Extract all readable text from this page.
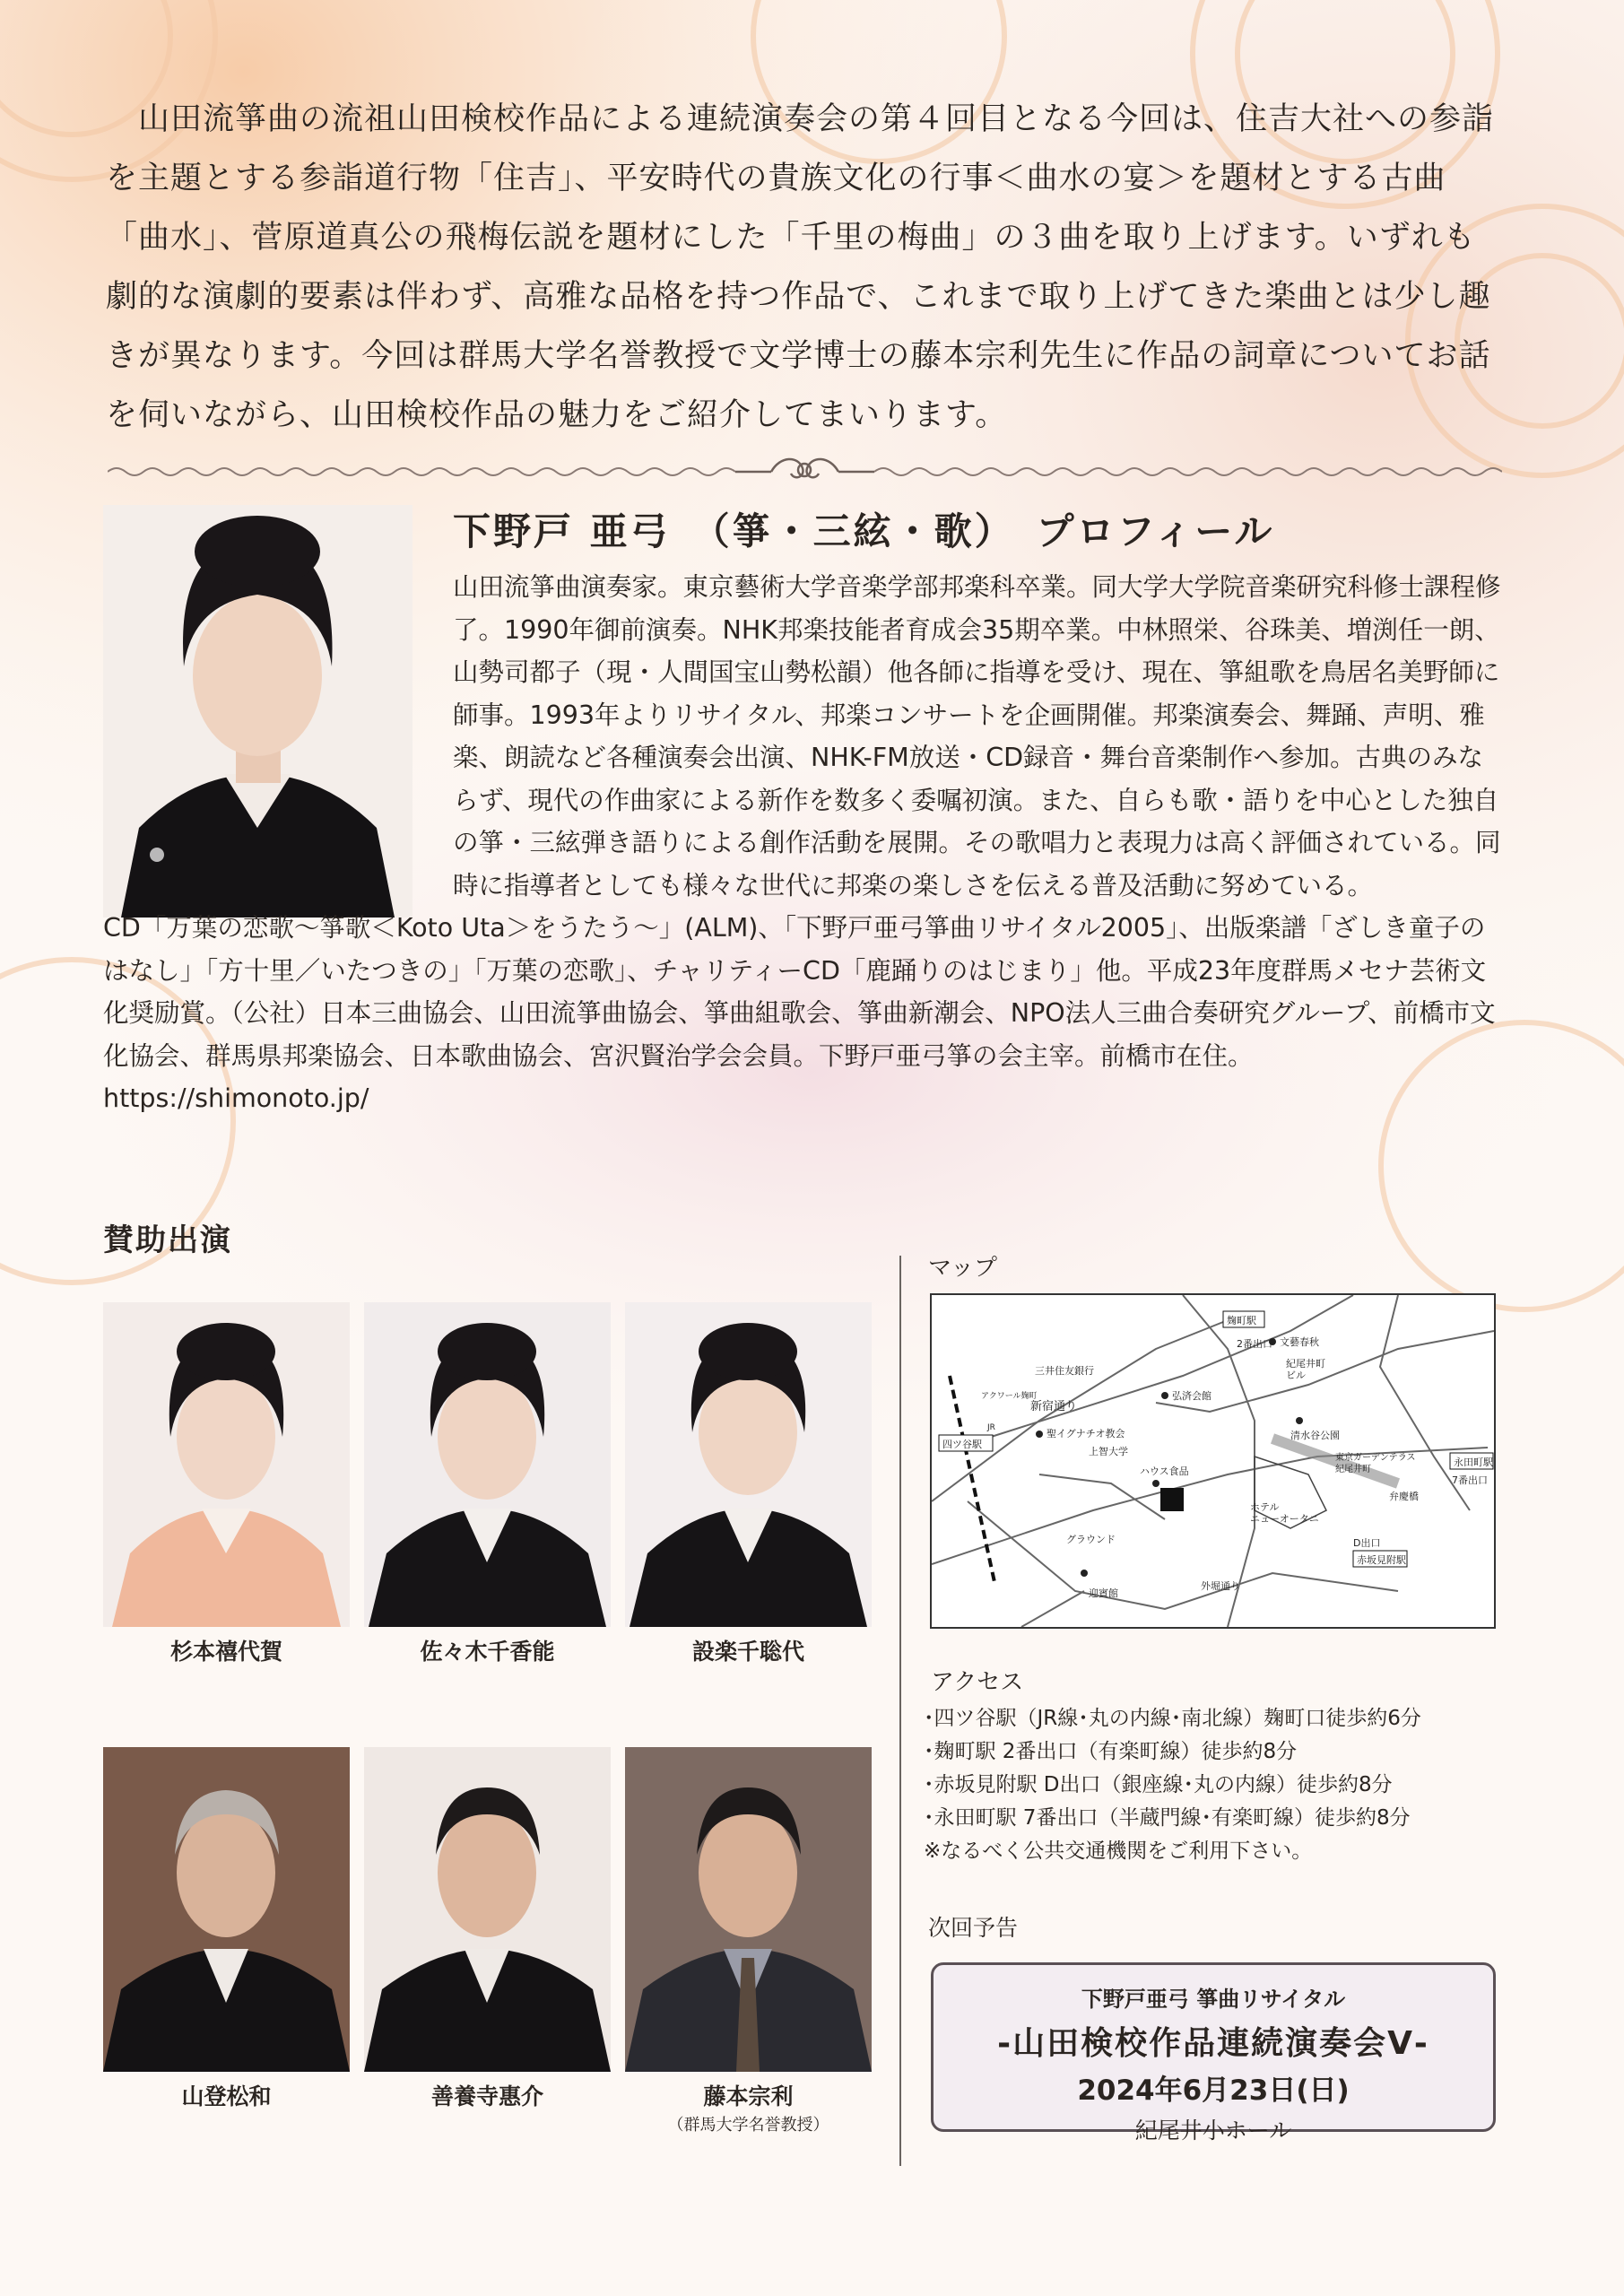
山田流箏曲の流祖山田検校作品による連続演奏会の第４回目となる今回は、住吉大社への参詣を主題とする参詣道行物「住吉」、平安時代の貴族文化の行事＜曲水の宴＞を題材とする古曲「曲水」、菅原道真公の飛梅伝説を題材にした「千里の梅曲」の３曲を取り上げます。いずれも劇的な演劇的要素は伴わず、高雅な品格を持つ作品で、これまで取り上げてきた楽曲とは少し趣きが異なります。今回は群馬大学名誉教授で文学博士の藤本宗利先生に作品の詞章についてお話を伺いながら、山田検校作品の魅力をご紹介してまいります。
下野戸 亜弓　（箏・三絃・歌）　プロフィール

山田流箏曲演奏家。東京藝術大学音楽学部邦楽科卒業。同大学大学院音楽研究科修士課程修了。1990年御前演奏。NHK邦楽技能者育成会35期卒業。中林照栄、谷珠美、増渕任一朗、山勢司都子（現・人間国宝山勢松韻）他各師に指導を受け、現在、箏組歌を鳥居名美野師に師事。1993年よりリサイタル、邦楽コンサートを企画開催。邦楽演奏会、舞踊、声明、雅楽、朗読など各種演奏会出演、NHK-FM放送・CD録音・舞台音楽制作へ参加。古典のみならず、現代の作曲家による新作を数多く委嘱初演。また、自らも歌・語りを中心とした独自の箏・三絃弾き語りによる創作活動を展開。その歌唱力と表現力は高く評価されている。同時に指導者としても様々な世代に邦楽の楽しさを伝える普及活動に努めている。

CD「万葉の恋歌～箏歌＜Koto Uta＞をうたう～」(ALM)、「下野戸亜弓箏曲リサイタル2005」、出版楽譜「ざしき童子のはなし」「方十里／いたつきの」「万葉の恋歌」、チャリティーCD「鹿踊りのはじまり」他。平成23年度群馬メセナ芸術文化奨励賞。（公社）日本三曲協会、山田流箏曲協会、箏曲組歌会、箏曲新潮会、NPO法人三曲合奏研究グループ、前橋市文化協会、群馬県邦楽協会、日本歌曲協会、宮沢賢治学会会員。下野戸亜弓箏の会主宰。前橋市在住。https://shimonoto.jp/

賛助出演
杉本禧代賀	佐々木千香能	設楽千聡代
山登松和	善養寺惠介	藤本宗利
（群馬大学名誉教授）
マップ
麹町駅
2番出口 文藝春秋
紀尾井町ビル
三井住友銀行
アクワール麹町
新宿通り
弘済会館
四ツ谷駅
JR	聖イグナチオ教会
上智大学
ハウス食品
清水谷公園
東京ガーデンテラス紀尾井町
弁慶橋
永田町駅
7番出口
ホテルニューオータニ
D出口
赤坂見附駅
グラウンド
迎賓館
外堀通り
アクセス
･四ツ谷駅（JR線･丸の内線･南北線）麹町口徒歩約6分
･麹町駅 2番出口（有楽町線）徒歩約8分
･赤坂見附駅 D出口（銀座線･丸の内線）徒歩約8分
･永田町駅 7番出口（半蔵門線･有楽町線）徒歩約8分
※なるべく公共交通機関をご利用下さい。
次回予告
下野戸亜弓 箏曲リサイタル
-山田検校作品連続演奏会Ⅴ-
2024年6月23日(日)
紀尾井小ホール
